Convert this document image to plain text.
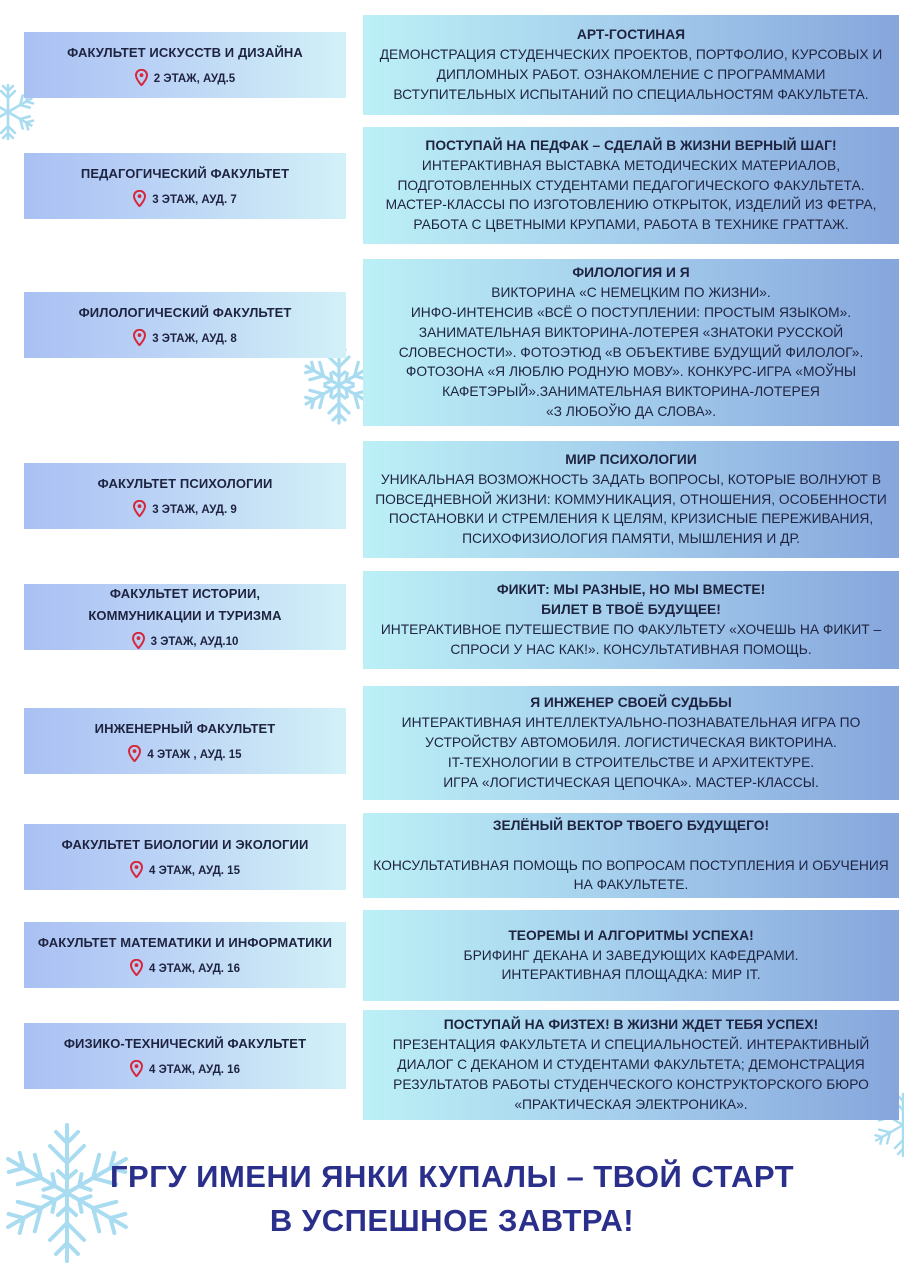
ГРГУ ИМЕНИ ЯНКИ КУПАЛЫ – ТВОЙ СТАРТ
В УСПЕШНОЕ ЗАВТРА!
ФАКУЛЬТЕТ ИСКУССТВ И ДИЗАЙНА
2 ЭТАЖ, АУД.5
АРТ-ГОСТИНАЯ
ДЕМОНСТРАЦИЯ СТУДЕНЧЕСКИХ ПРОЕКТОВ, ПОРТФОЛИО, КУРСОВЫХ И
ДИПЛОМНЫХ РАБОТ. ОЗНАКОМЛЕНИЕ С ПРОГРАММАМИ
ВСТУПИТЕЛЬНЫХ ИСПЫТАНИЙ ПО СПЕЦИАЛЬНОСТЯМ ФАКУЛЬТЕТА.
ПЕДАГОГИЧЕСКИЙ ФАКУЛЬТЕТ
3 ЭТАЖ, АУД. 7
ПОСТУПАЙ НА ПЕДФАК – СДЕЛАЙ В ЖИЗНИ ВЕРНЫЙ ШАГ!
ИНТЕРАКТИВНАЯ ВЫСТАВКА МЕТОДИЧЕСКИХ МАТЕРИАЛОВ,
ПОДГОТОВЛЕННЫХ СТУДЕНТАМИ ПЕДАГОГИЧЕСКОГО ФАКУЛЬТЕТА.
МАСТЕР-КЛАССЫ ПО ИЗГОТОВЛЕНИЮ ОТКРЫТОК, ИЗДЕЛИЙ ИЗ ФЕТРА,
РАБОТА С ЦВЕТНЫМИ КРУПАМИ, РАБОТА В ТЕХНИКЕ ГРАТТАЖ.
ФИЛОЛОГИЧЕСКИЙ ФАКУЛЬТЕТ
3 ЭТАЖ, АУД. 8
ФИЛОЛОГИЯ И Я
ВИКТОРИНА «С НЕМЕЦКИМ ПО ЖИЗНИ».
ИНФО-ИНТЕНСИВ «ВСЁ О ПОСТУПЛЕНИИ: ПРОСТЫМ ЯЗЫКОМ».
ЗАНИМАТЕЛЬНАЯ ВИКТОРИНА-ЛОТЕРЕЯ «ЗНАТОКИ РУССКОЙ
СЛОВЕСНОСТИ». ФОТОЭТЮД «В ОБЪЕКТИВЕ БУДУЩИЙ ФИЛОЛОГ».
ФОТОЗОНА «Я ЛЮБЛЮ РОДНУЮ МОВУ». КОНКУРС-ИГРА «МОЎНЫ
КАФЕТЭРЫЙ».ЗАНИМАТЕЛЬНАЯ ВИКТОРИНА-ЛОТЕРЕЯ
«З ЛЮБОЎЮ ДА СЛОВА».
ФАКУЛЬТЕТ ПСИХОЛОГИИ
3 ЭТАЖ, АУД. 9
МИР ПСИХОЛОГИИ
УНИКАЛЬНАЯ ВОЗМОЖНОСТЬ ЗАДАТЬ ВОПРОСЫ, КОТОРЫЕ ВОЛНУЮТ В
ПОВСЕДНЕВНОЙ ЖИЗНИ: КОММУНИКАЦИЯ, ОТНОШЕНИЯ, ОСОБЕННОСТИ
ПОСТАНОВКИ И СТРЕМЛЕНИЯ К ЦЕЛЯМ, КРИЗИСНЫЕ ПЕРЕЖИВАНИЯ,
ПСИХОФИЗИОЛОГИЯ ПАМЯТИ, МЫШЛЕНИЯ И ДР.
ФАКУЛЬТЕТ ИСТОРИИ,
КОММУНИКАЦИИ И ТУРИЗМА
3 ЭТАЖ, АУД.10
ФИКИТ: МЫ РАЗНЫЕ, НО МЫ ВМЕСТЕ!
БИЛЕТ В ТВОЁ БУДУЩЕЕ!
ИНТЕРАКТИВНОЕ ПУТЕШЕСТВИЕ ПО ФАКУЛЬТЕТУ «ХОЧЕШЬ НА ФИКИТ –
СПРОСИ У НАС КАК!». КОНСУЛЬТАТИВНАЯ ПОМОЩЬ.
ИНЖЕНЕРНЫЙ ФАКУЛЬТЕТ
4 ЭТАЖ , АУД. 15
Я ИНЖЕНЕР СВОЕЙ СУДЬБЫ
ИНТЕРАКТИВНАЯ ИНТЕЛЛЕКТУАЛЬНО-ПОЗНАВАТЕЛЬНАЯ ИГРА ПО
УСТРОЙСТВУ АВТОМОБИЛЯ. ЛОГИСТИЧЕСКАЯ ВИКТОРИНА.
IT-ТЕХНОЛОГИИ В СТРОИТЕЛЬСТВЕ И АРХИТЕКТУРЕ.
ИГРА «ЛОГИСТИЧЕСКАЯ ЦЕПОЧКА». МАСТЕР-КЛАССЫ.
ФАКУЛЬТЕТ БИОЛОГИИ И ЭКОЛОГИИ
4 ЭТАЖ, АУД. 15
ЗЕЛЁНЫЙ ВЕКТОР ТВОЕГО БУДУЩЕГО!

КОНСУЛЬТАТИВНАЯ ПОМОЩЬ ПО ВОПРОСАМ ПОСТУПЛЕНИЯ И ОБУЧЕНИЯ
НА ФАКУЛЬТЕТЕ.
ФАКУЛЬТЕТ МАТЕМАТИКИ И ИНФОРМАТИКИ
4 ЭТАЖ, АУД. 16
ТЕОРЕМЫ И АЛГОРИТМЫ УСПЕХА!
БРИФИНГ ДЕКАНА И ЗАВЕДУЮЩИХ КАФЕДРАМИ.
ИНТЕРАКТИВНАЯ ПЛОЩАДКА: МИР IT.
ФИЗИКО-ТЕХНИЧЕСКИЙ ФАКУЛЬТЕТ
4 ЭТАЖ, АУД. 16
ПОСТУПАЙ НА ФИЗТЕХ! В ЖИЗНИ ЖДЕТ ТЕБЯ УСПЕХ!
ПРЕЗЕНТАЦИЯ ФАКУЛЬТЕТА И СПЕЦИАЛЬНОСТЕЙ. ИНТЕРАКТИВНЫЙ
ДИАЛОГ С ДЕКАНОМ И СТУДЕНТАМИ ФАКУЛЬТЕТА; ДЕМОНСТРАЦИЯ
РЕЗУЛЬТАТОВ РАБОТЫ СТУДЕНЧЕСКОГО КОНСТРУКТОРСКОГО БЮРО
«ПРАКТИЧЕСКАЯ ЭЛЕКТРОНИКА».
